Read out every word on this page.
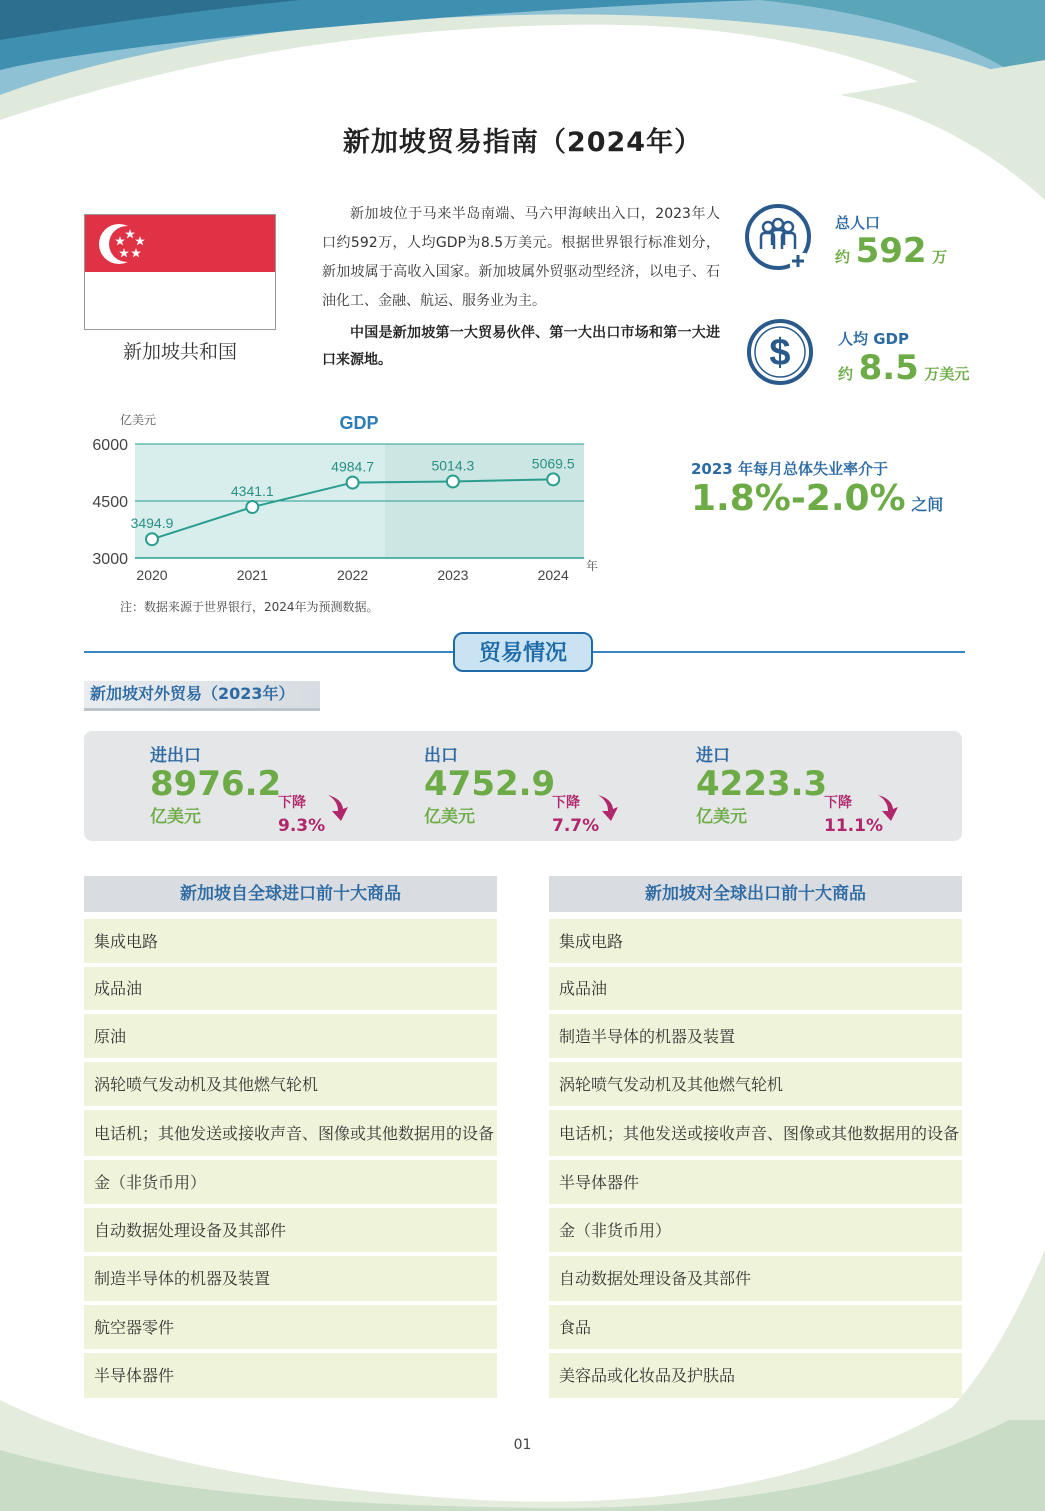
新加坡贸易指南（2024年）
新加坡共和国

新加坡位于马来半岛南端、马六甲海峡出入口，2023年人口约592万，人均GDP为8.5万美元。根据世界银行标准划分，新加坡属于高收入国家。新加坡属外贸驱动型经济，以电子、石油化工、金融、航运、服务业为主。

中国是新加坡第一大贸易伙伴、第一大出口市场和第一大进口来源地。

总人口
约 592 万
$	人均 GDP
约 8.5 万美元
2023 年每月总体失业率介于
1.8%-2.0% 之间
亿美元	GDP
年
3000
4500
6000
3494.9
2020
4341.1
2021
4984.7
2022
5014.3
2023
5069.5
2024
注：数据来源于世界银行，2024年为预测数据。
贸易情况
新加坡对外贸易（2023年）
进出口
8976.2
亿美元
下降
9.3%
出口
4752.9
亿美元
下降
7.7%
进口
4223.3
亿美元
下降
11.1%
新加坡自全球进口前十大商品
集成电路
成品油
原油
涡轮喷气发动机及其他燃气轮机
电话机；其他发送或接收声音、图像或其他数据用的设备
金（非货币用）
自动数据处理设备及其部件
制造半导体的机器及装置
航空器零件
半导体器件
新加坡对全球出口前十大商品
集成电路
成品油
制造半导体的机器及装置
涡轮喷气发动机及其他燃气轮机
电话机；其他发送或接收声音、图像或其他数据用的设备
半导体器件
金（非货币用）
自动数据处理设备及其部件
食品
美容品或化妆品及护肤品
01
